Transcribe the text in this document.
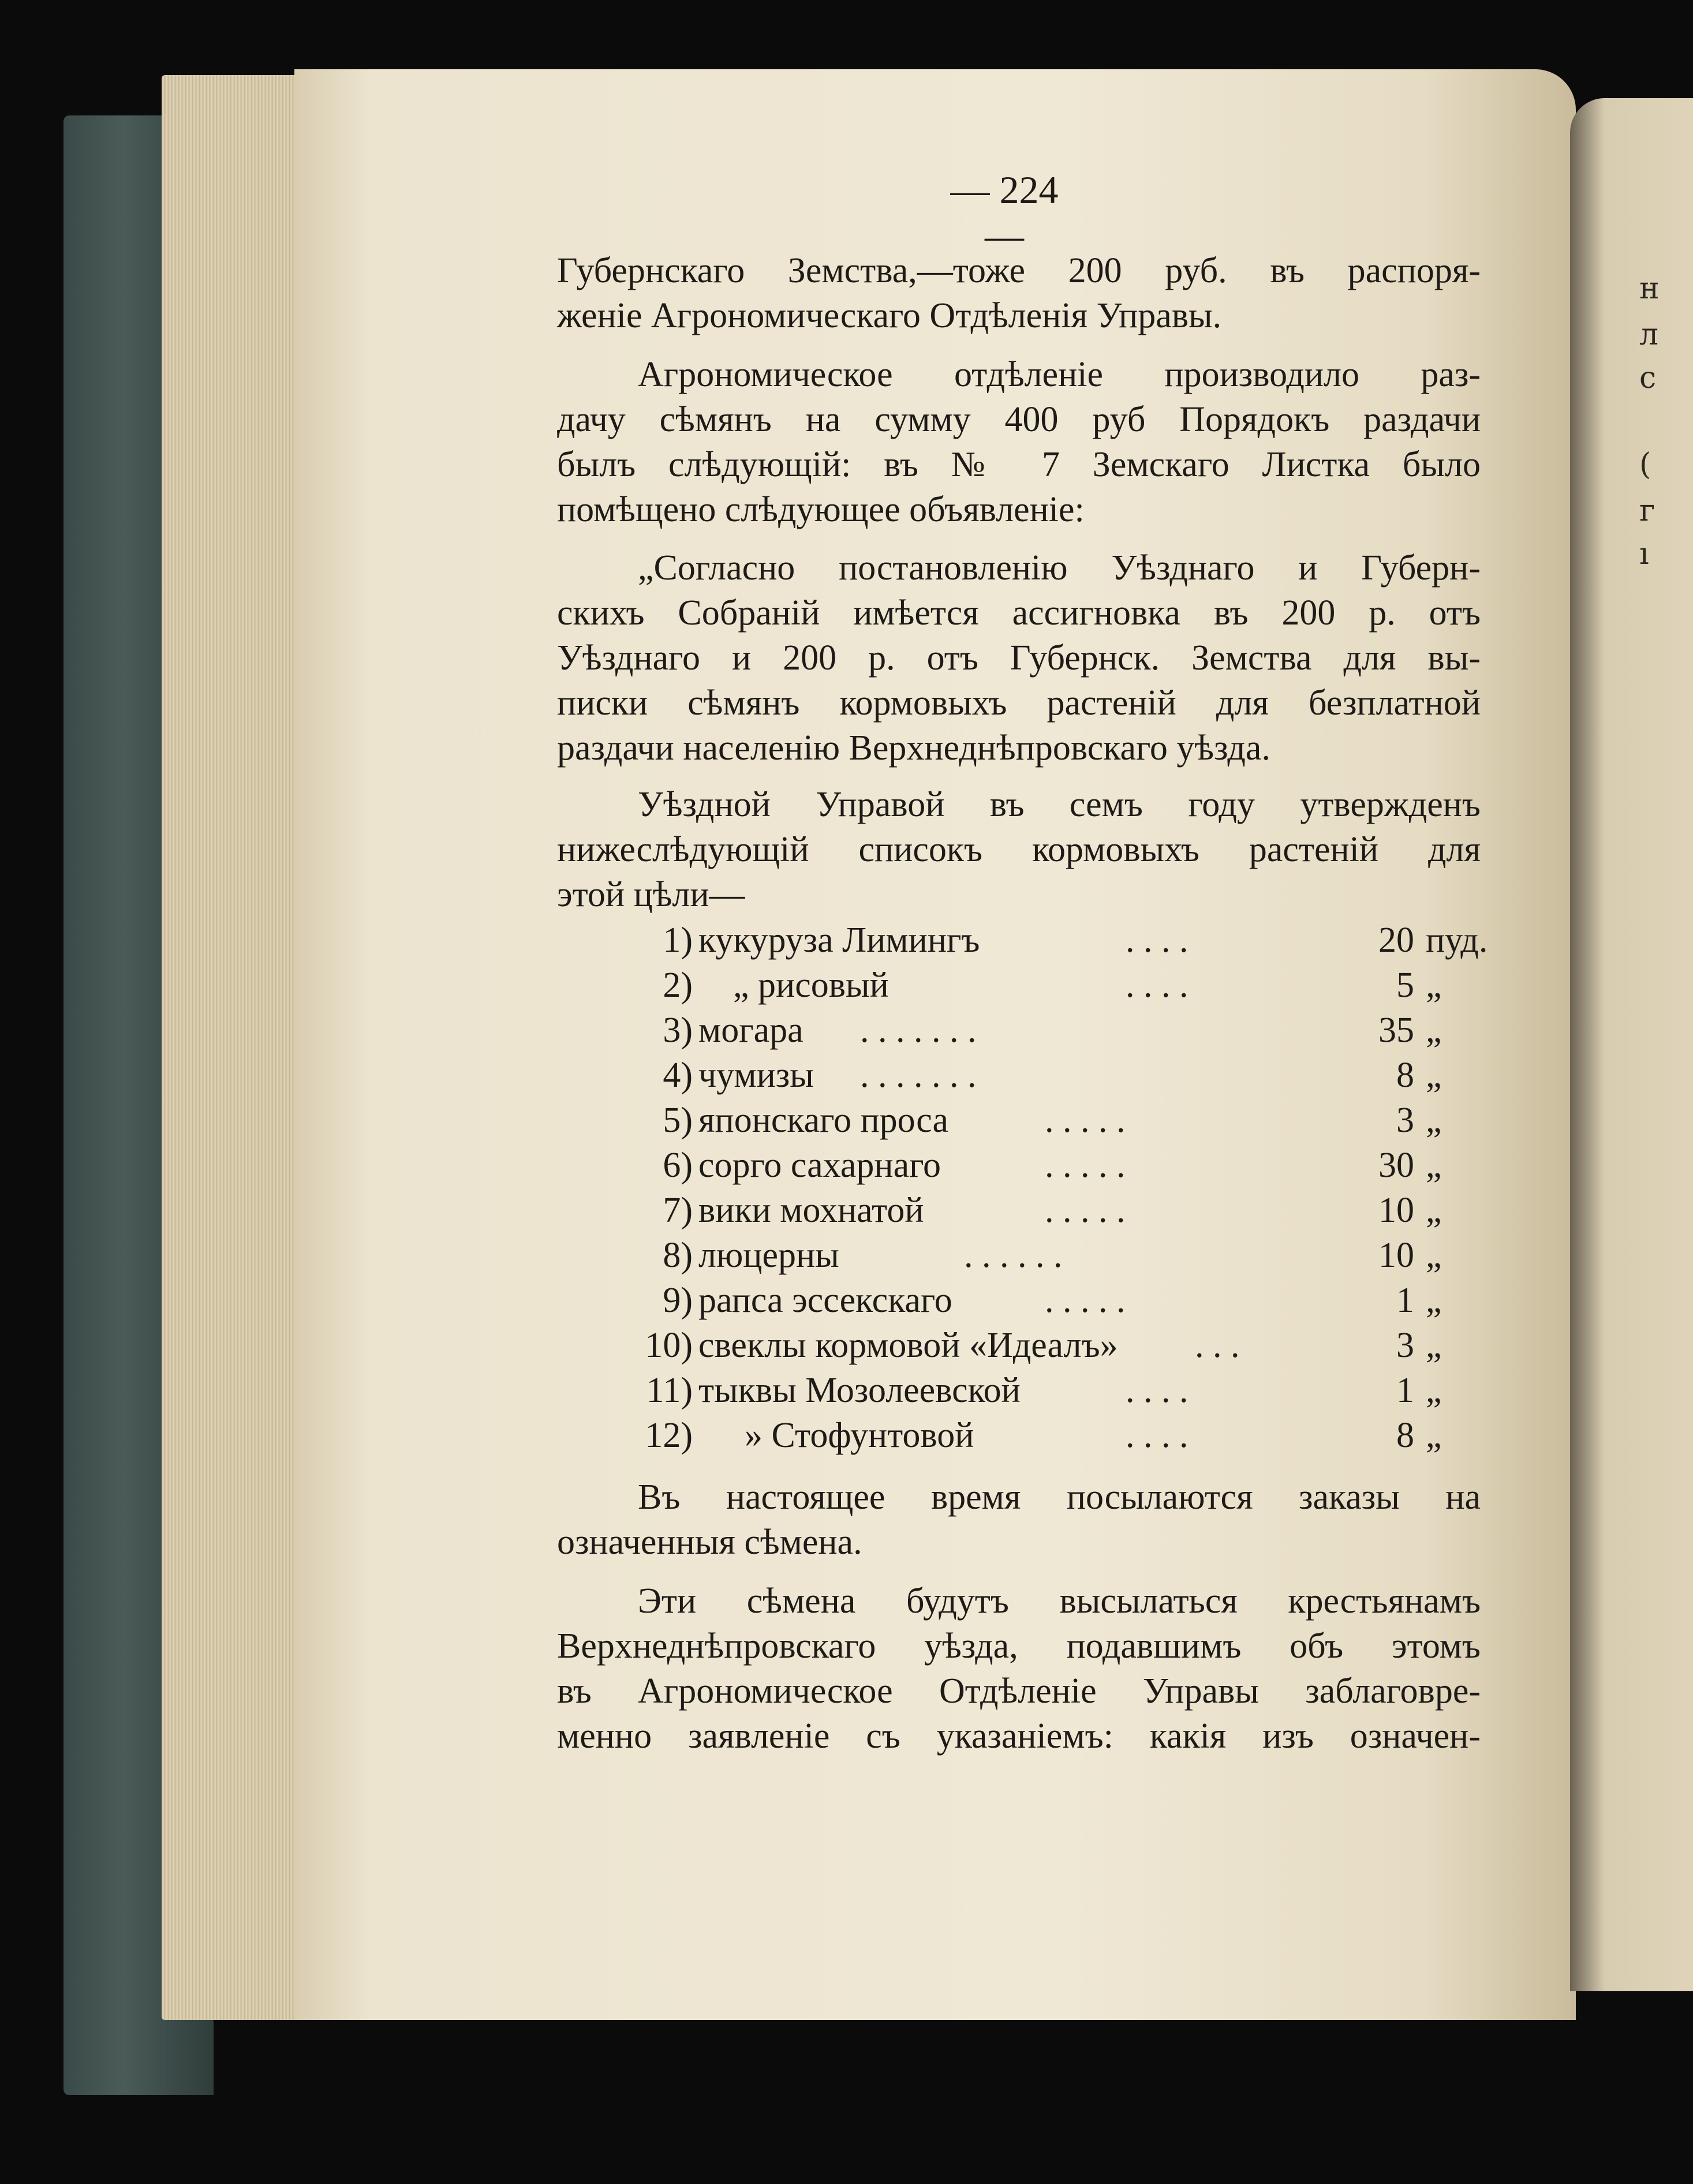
н
л
с
(
г
ı
— 224 —

Губернскаго Земства,—тоже 200 руб. въ распоря-
женіе Агрономическаго Отдѣленія Управы.

Агрономическое отдѣленіе производило раз-
дачу сѣмянъ на сумму 400 руб Порядокъ раздачи
былъ слѣдующій: въ № 7 Земскаго Листка было
помѣщено слѣдующее объявленіе:

„Согласно постановленію Уѣзднаго и Губерн-
скихъ Собраній имѣется ассигновка въ 200 р. отъ
Уѣзднаго и 200 р. отъ Губернск. Земства для вы-
писки сѣмянъ кормовыхъ растеній для безплатной
раздачи населенію Верхнеднѣпровскаго уѣзда.

Уѣздной Управой въ семъ году утвержденъ
нижеслѣдующій списокъ кормовыхъ растеній для
этой цѣли—

1) кукуруза Лимингъ	. . . .	20 пуд.
2) „ рисовый	. . . .	5 „
3) могара . . . . . . .	35 „
4) чумизы . . . . . . .	8 „
5) японскаго проса	. . . . .	3 „
6) сорго сахарнаго	. . . . .	30 „
7) вики мохнатой	. . . . .	10 „
8) люцерны	. . . . . .	10 „
9) рапса эссекскаго	. . . . .	1 „
10) свеклы кормовой «Идеалъ» . . .	3 „
11) тыквы Мозолеевской	. . . .	1 „
12) » Стофунтовой	. . . .	8 „

Въ настоящее время посылаются заказы на
означенныя сѣмена.

Эти сѣмена будутъ высылаться крестьянамъ
Верхнеднѣпровскаго уѣзда, подавшимъ объ этомъ
въ Агрономическое Отдѣленіе Управы заблаговре-
менно заявленіе съ указаніемъ: какія изъ означен-
